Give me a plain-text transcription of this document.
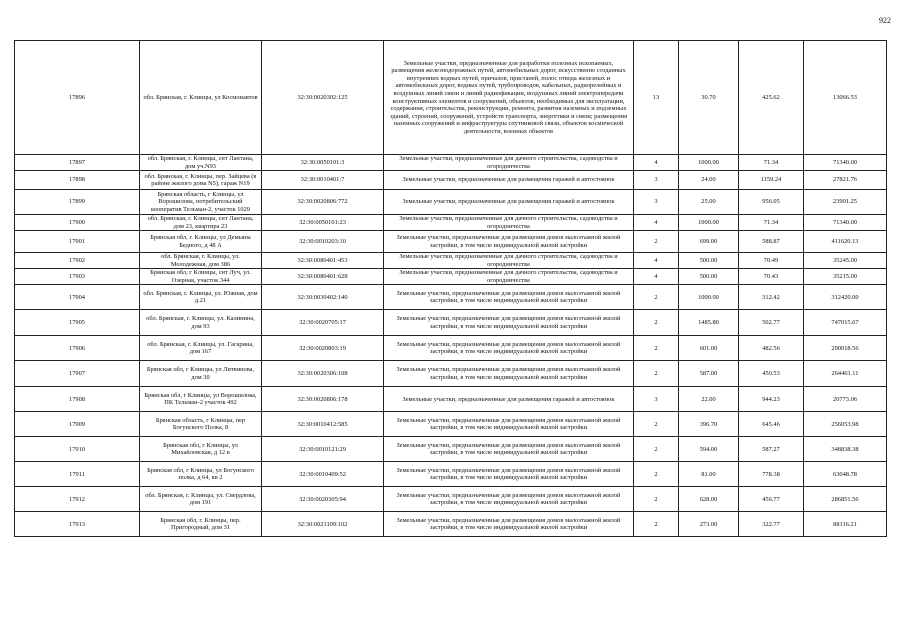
922
17896	обл. Брянская, г. Клинцы, ул Космонавтов	32:30:0020302:125	Земельные участки, предназначенные для разработки полезных ископаемых, размещения железнодорожных путей, автомобильных дорог, искусственно созданных внутренних водных путей, причалов, пристаней, полос отвода железных и автомобильных дорог, водных путей, трубопроводов, кабельных, радиорелейных и воздушных линий связи и линий радиофикации, воздушных линий электропередачи конструктивных элементов и сооружений, объектов, необходимых для эксплуатации, содержания, строительства, реконструкции, ремонта, развития наземных и подземных зданий, строений, сооружений, устройств транспорта, энергетики и связи; размещения наземных сооружений и инфраструктуры спутниковой связи, объектов космической деятельности, военных объектов	13	30.70	425.62	13066.53
17897	обл. Брянская, г. Клинцы, снт Лантана, дом уч.N93	32:30:0050101:3	Земельные участки, предназначенные для дачного строительства, садоводства и огородничества	4	1000.00	71.34	71340.00
17898	обл. Брянская, г. Клинцы, пер. Зайцева (в районе жилого дома N5), гараж N19	32:30:0010401:7	Земельные участки, предназначенные для размещения гаражей и автостоянок	3	24.00	1159.24	27821.76
17899	Брянская область, г Клинцы, ул Ворошилова, потребительский кооператив Тельман-2, участок 1029	32:30:0020806:772	Земельные участки, предназначенные для размещения гаражей и автостоянок	3	25.00	956.05	23901.25
17900	обл. Брянская, г. Клинцы, снт Лантана, дом 23, квартира 23	32:30:0050101:23	Земельные участки, предназначенные для дачного строительства, садоводства и огородничества	4	1000.00	71.34	71340.00
17901	Брянская обл, г. Клинцы, ул Демьяна Бедного, д 48 А	32:30:0010203:10	Земельные участки, предназначенные для размещения домов малоэтажной жилой застройки, в том числе индивидуальной жилой застройки	2	699.00	588.87	411620.13
17902	обл. Брянская, г. Клинцы, ул. Молодежная, дом 386	32:30:0080401:453	Земельные участки, предназначенные для дачного строительства, садоводства и огородничества	4	500.00	70.49	35245.00
17903	Брянская обл, г Клинцы, снт Луч, ул. Озерная, участок 344	32:30:0080401:628	Земельные участки, предназначенные для дачного строительства, садоводства и огородничества	4	500.00	70.43	35215.00
17904	обл. Брянская, г. Клинцы, ул. Южная, дом д.21	32:30:0030402:140	Земельные участки, предназначенные для размещения домов малоэтажной жилой застройки, в том числе индивидуальной жилой застройки	2	1000.00	312.42	312420.00
17905	обл. Брянская, г. Клинцы, ул. Калинина, дом 93	32:30:0020705:17	Земельные участки, предназначенные для размещения домов малоэтажной жилой застройки, в том числе индивидуальной жилой застройки	2	1485.80	502.77	747015.67
17906	обл. Брянская, г. Клинцы, ул. Гагарина, дом 167	32:30:0020803:19	Земельные участки, предназначенные для размещения домов малоэтажной жилой застройки, в том числе индивидуальной жилой застройки	2	601.00	482.56	290018.56
17907	Брянская обл, г Клинцы, ул Литвинова, дом 30	32:30:0020306:108	Земельные участки, предназначенные для размещения домов малоэтажной жилой застройки, в том числе индивидуальной жилой застройки	2	587.00	450.53	264461.11
17908	Брянская обл, г Клинцы, ул Ворошилова, ПК Тельман-2 участок 492	32:30:0020806:178	Земельные участки, предназначенные для размещения гаражей и автостоянок	3	22.00	944.23	20773.06
17909	Брянская область, г Клинцы, пер Богунского Полка, 8	32:30:0010412:585	Земельные участки, предназначенные для размещения домов малоэтажной жилой застройки, в том числе индивидуальной жилой застройки	2	396.70	645.46	256053.98
17910	Брянская обл, г Клинцы, ул Михайловская, д 12 в	32:30:0010121:29	Земельные участки, предназначенные для размещения домов малоэтажной жилой застройки, в том числе индивидуальной жилой застройки	2	594.00	587.27	348838.38
17911	Брянская обл, г Клинцы, ул Богунского полка, д 64, кв 2	32:30:0010409:52	Земельные участки, предназначенные для размещения домов малоэтажной жилой застройки, в том числе индивидуальной жилой застройки	2	81.00	778.38	63048.78
17912	обл. Брянская, г. Клинцы, ул. Свердлова, дом 191	32:30:0020305:94	Земельные участки, предназначенные для размещения домов малоэтажной жилой застройки, в том числе индивидуальной жилой застройки	2	628.00	456.77	286851.56
17913	Брянская обл, г. Клинцы, пер. Пригородный, дом 31	32:30:0021109:102	Земельные участки, предназначенные для размещения домов малоэтажной жилой застройки, в том числе индивидуальной жилой застройки	2	273.00	322.77	88116.21
